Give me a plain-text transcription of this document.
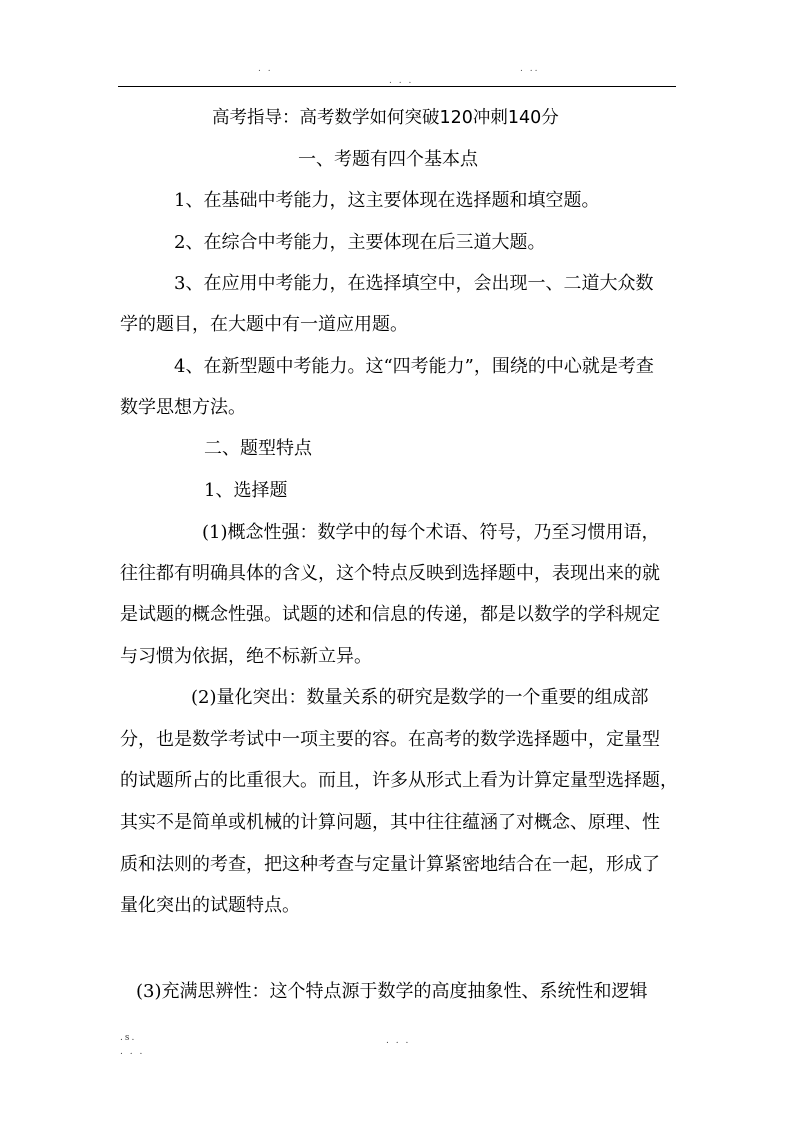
. .
. . .
. ..

高考指导：高考数学如何突破120冲刺140分

一、考题有四个基本点

1、在基础中考能力，这主要体现在选择题和填空题。

2、在综合中考能力，主要体现在后三道大题。

3、在应用中考能力，在选择填空中，会出现一、二道大众数

学的题目，在大题中有一道应用题。

4、在新型题中考能力。这“四考能力”，围绕的中心就是考查

数学思想方法。

二、题型特点

1、选择题

(1)概念性强：数学中的每个术语、符号，乃至习惯用语，

往往都有明确具体的含义，这个特点反映到选择题中，表现出来的就

是试题的概念性强。试题的述和信息的传递，都是以数学的学科规定

与习惯为依据，绝不标新立异。

(2)量化突出：数量关系的研究是数学的一个重要的组成部

分，也是数学考试中一项主要的容。在高考的数学选择题中，定量型

的试题所占的比重很大。而且，许多从形式上看为计算定量型选择题，

其实不是简单或机械的计算问题，其中往往蕴涵了对概念、原理、性

质和法则的考查，把这种考查与定量计算紧密地结合在一起，形成了

量化突出的试题特点。

(3)充满思辨性：这个特点源于数学的高度抽象性、系统性和逻辑

.s.
. . .
. . .
